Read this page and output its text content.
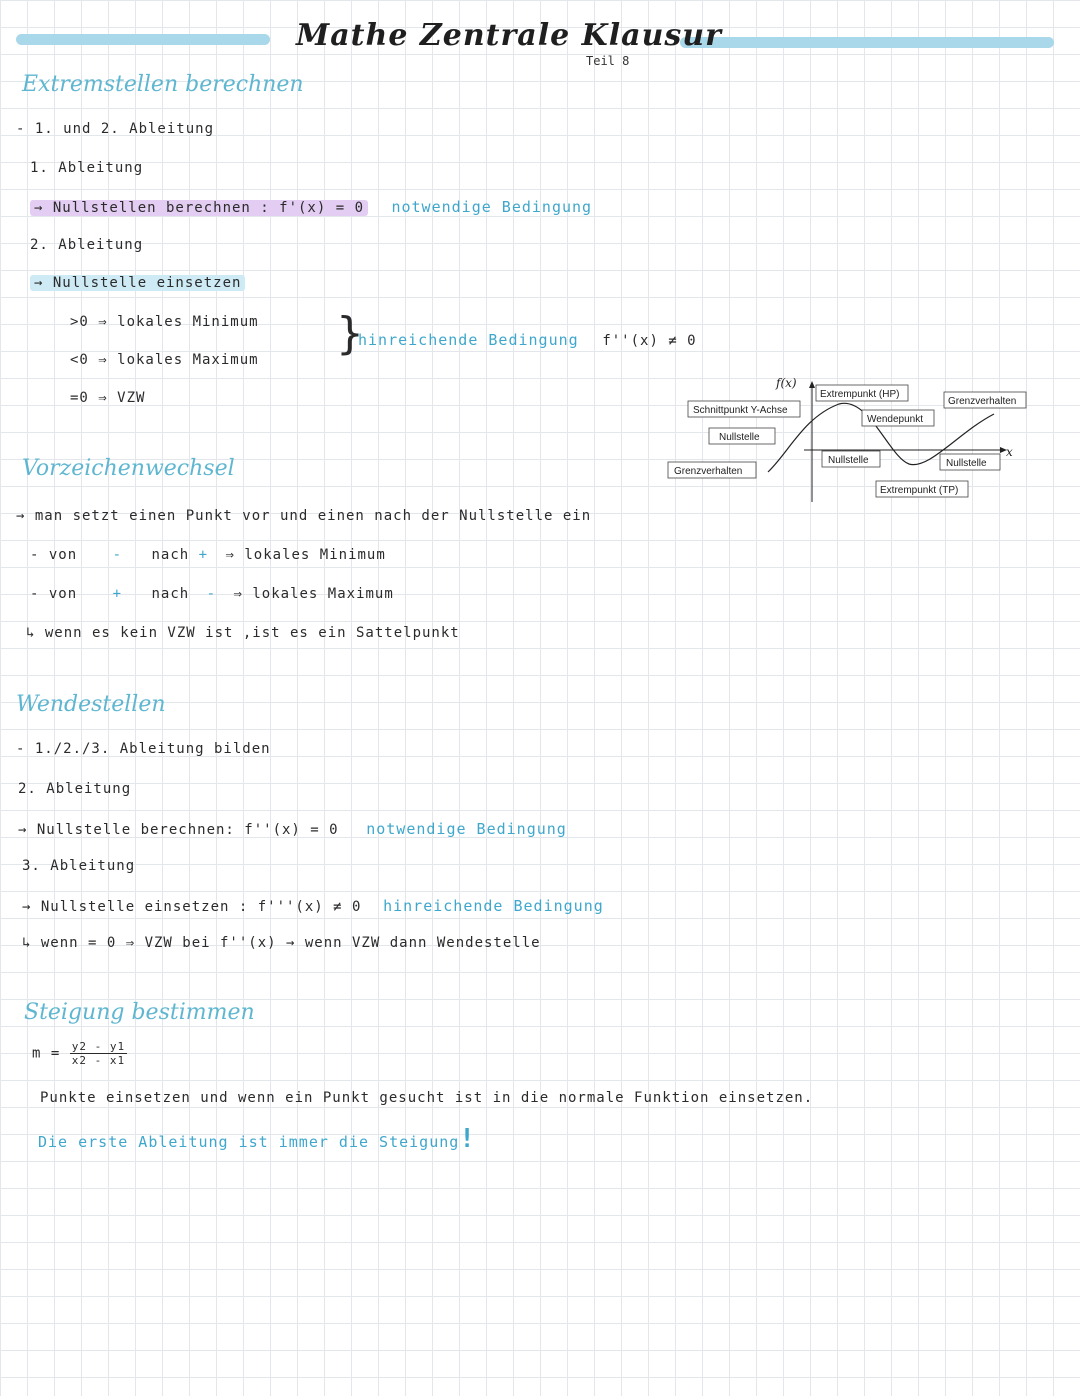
Mathe Zentrale Klausur
Teil 8
Extremstellen berechnen
- 1. und 2. Ableitung
1. Ableitung
→ Nullstellen berechnen : f'(x) = 0 notwendige Bedingung
2. Ableitung
→ Nullstelle einsetzen
>0 ⇒ lokales Minimum
<0 ⇒ lokales Maximum
}
hinreichende Bedingung f''(x) ≠ 0
=0 ⇒ VZW
f(x)
x
Extrempunkt (HP)
Grenzverhalten
Schnittpunkt Y-Achse
Wendepunkt
Nullstelle
Nullstelle	Nullstelle
Grenzverhalten
Extrempunkt (TP)
Vorzeichenwechsel
→ man setzt einen Punkt vor und einen nach der Nullstelle ein
- von	- nach + ⇒ lokales Minimum
- von	+ nach - ⇒ lokales Maximum
↳ wenn es kein VZW ist ,ist es ein Sattelpunkt
Wendestellen
- 1./2./3. Ableitung bilden
2. Ableitung
→ Nullstelle berechnen: f''(x) = 0 notwendige Bedingung
3. Ableitung
→ Nullstelle einsetzen : f'''(x) ≠ 0 hinreichende Bedingung
↳ wenn = 0 ⇒ VZW bei f''(x) → wenn VZW dann Wendestelle
Steigung bestimmen
$m = \frac{y2 - y1}{x2 - x1}$
Punkte einsetzen und wenn ein Punkt gesucht ist in die normale Funktion einsetzen.
Die erste Ableitung ist immer die Steigung!
